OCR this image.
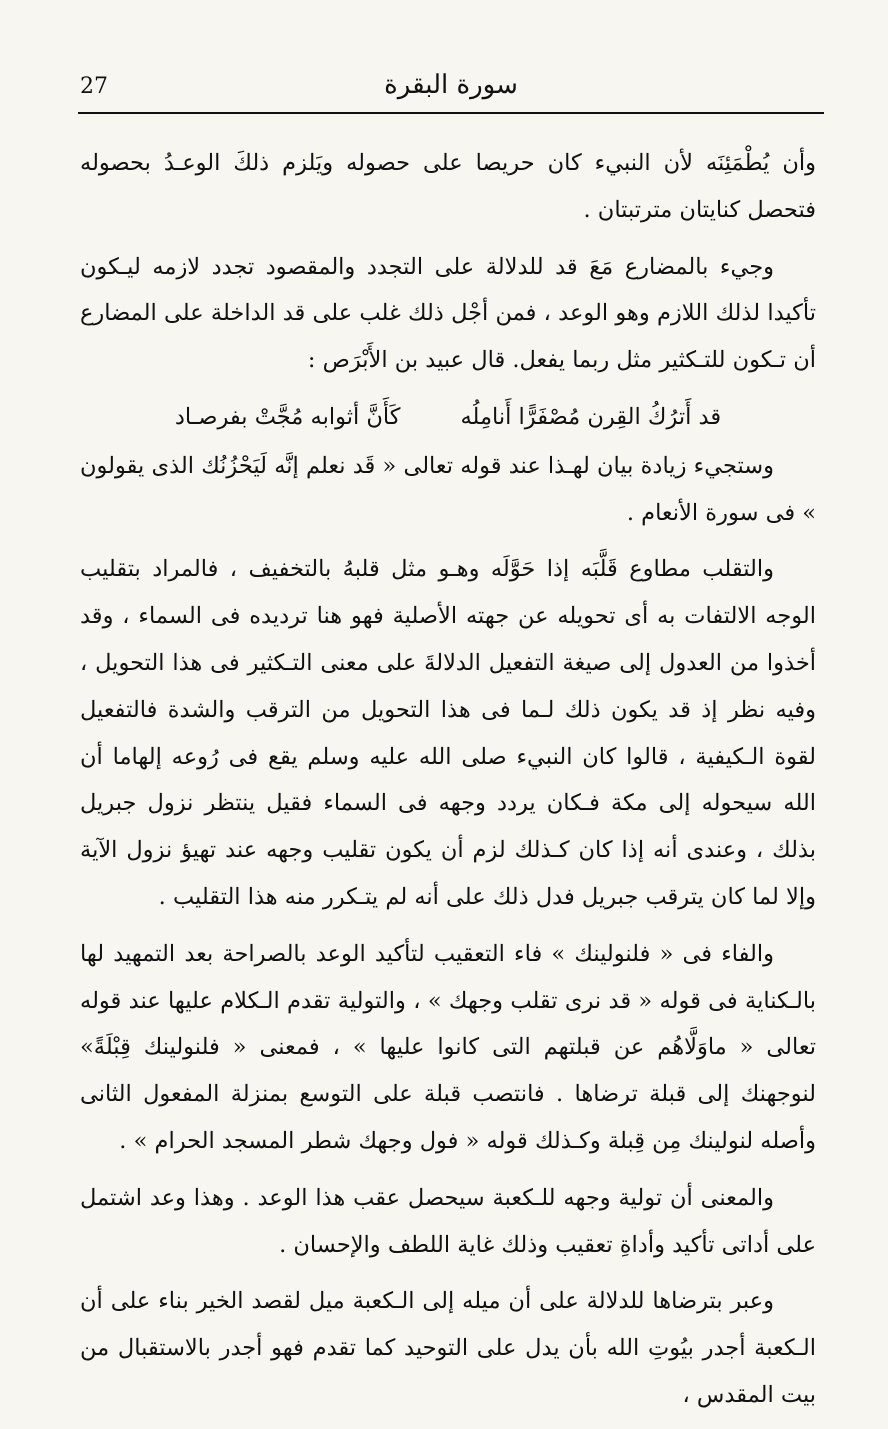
27	سورة البقرة

وأن يُطْمَئِنَه لأن النبيء كان حريصا على حصوله ويَلزم ذلكَ الوعـدُ بحصوله فتحصل كنايتان مترتبتان .

وجيء بالمضارع مَعَ قد للدلالة على التجدد والمقصود تجدد لازمه ليـكون تأكيدا لذلك اللازم وهو الوعد ، فمن أجْل ذلك غلب على قد الداخلة على المضارع أن تـكون للتـكثير مثل ربما يفعل. قال عبيد بن الأَبْرَص :

قد أَترُكُ القِرن مُصْفَرًّا أَنامِلُه
كَأَنَّ أثوابه مُجَّتْ بفرصـاد

وستجيء زيادة بيان لهـذا عند قوله تعالى « قَد نعلم إنَّه لَيَحْزُنُك الذى يقولون » فى سورة الأنعام .

والتقلب مطاوع قَلَّبَه إذا حَوَّلَه وهـو مثل قلبهُ بالتخفيف ، فالمراد بتقليب الوجه الالتفات به أى تحويله عن جهته الأصلية فهو هنا ترديده فى السماء ، وقد أخذوا من العدول إلى صيغة التفعيل الدلالةَ على معنى التـكثير فى هذا التحويل ، وفيه نظر إذ قد يكون ذلك لـما فى هذا التحويل من الترقب والشدة فالتفعيل لقوة الـكيفية ، قالوا كان النبيء صلى الله عليه وسلم يقع فى رُوعه إلهاما أن الله سيحوله إلى مكة فـكان يردد وجهه فى السماء فقيل ينتظر نزول جبريل بذلك ، وعندى أنه إذا كان كـذلك لزم أن يكون تقليب وجهه عند تهيؤ نزول الآية وإلا لما كان يترقب جبريل فدل ذلك على أنه لم يتـكرر منه هذا التقليب .

والفاء فى « فلنولينك » فاء التعقيب لتأكيد الوعد بالصراحة بعد التمهيد لها بالـكناية فى قوله « قد نرى تقلب وجهك » ، والتولية تقدم الـكلام عليها عند قوله تعالى « ماوَلَّاهُم عن قبلتهم التى كانوا عليها » ، فمعنى « فلنولينك قِبْلَةً» لنوجهنك إلى قبلة ترضاها . فانتصب قبلة على التوسع بمنزلة المفعول الثانى وأصله لنولينك مِن قِبلة وكـذلك قوله « فول وجهك شطر المسجد الحرام » .

والمعنى أن تولية وجهه للـكعبة سيحصل عقب هذا الوعد . وهذا وعد اشتمل على أداتى تأكيد وأداةِ تعقيب وذلك غاية اللطف والإحسان .

وعبر بترضاها للدلالة على أن ميله إلى الـكعبة ميل لقصد الخير بناء على أن الـكعبة أجدر بيُوتِ الله بأن يدل على التوحيد كما تقدم فهو أجدر بالاستقبال من بيت المقدس ،
